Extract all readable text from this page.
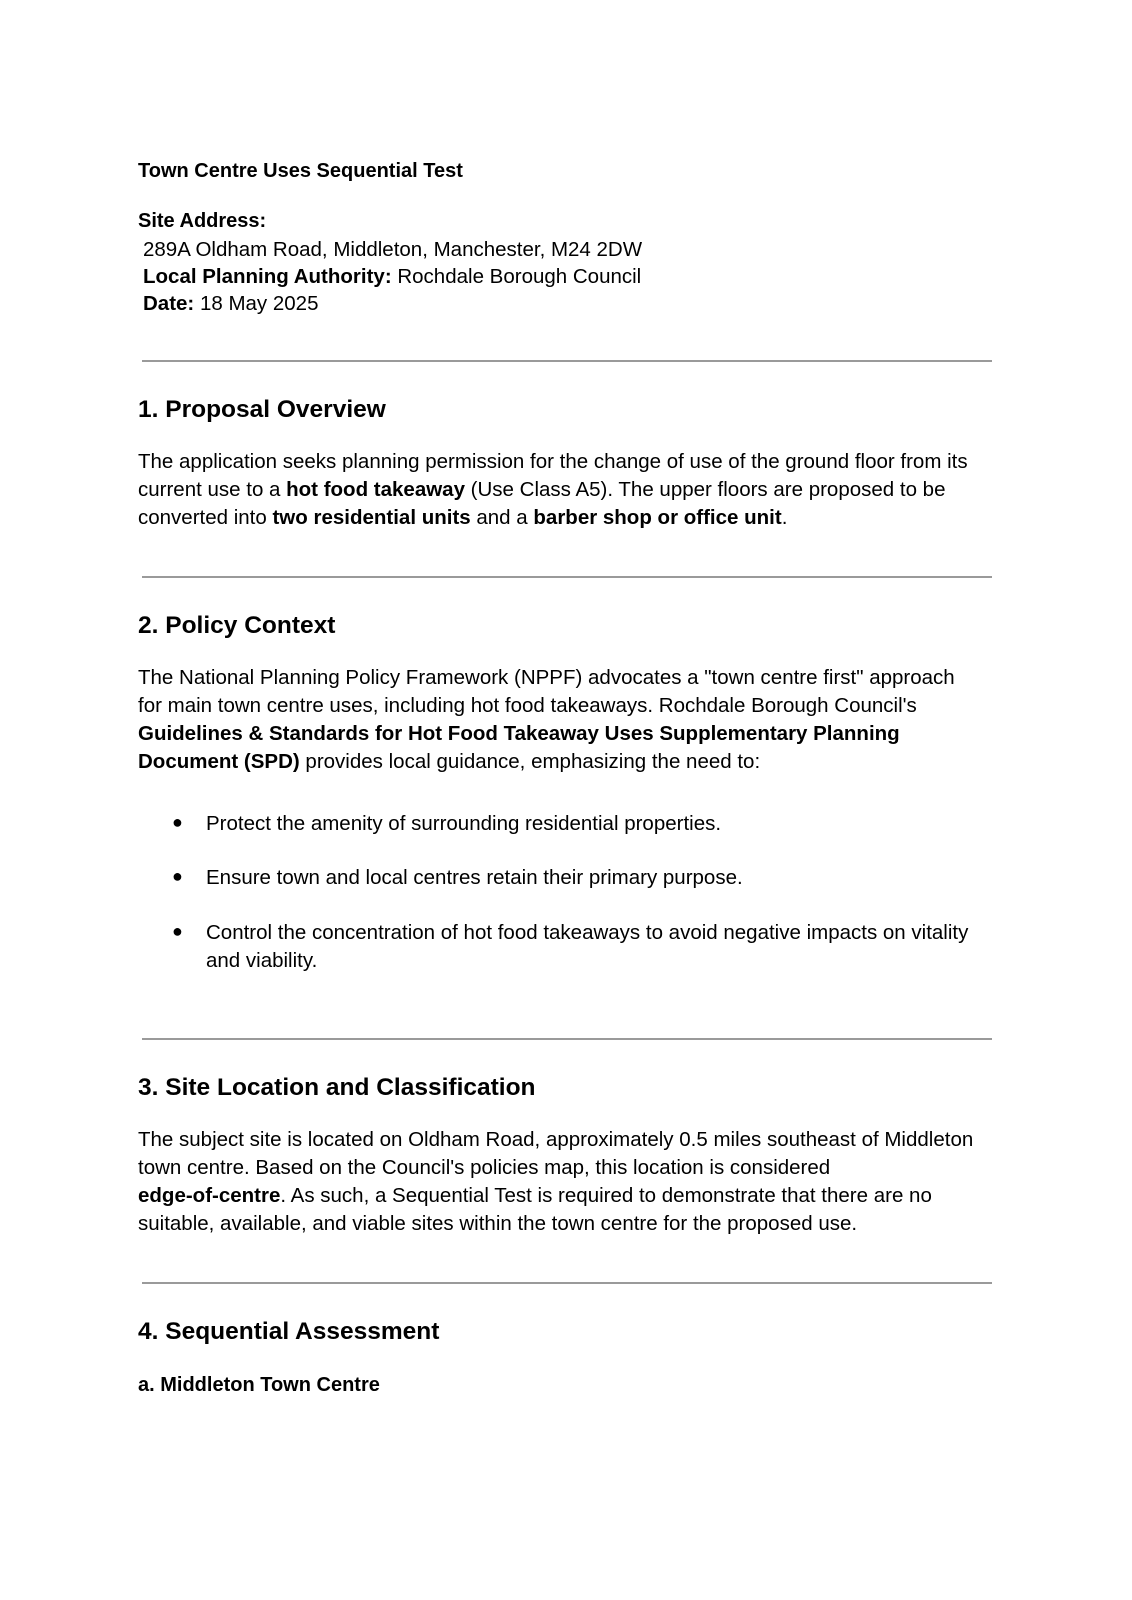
Town Centre Uses Sequential Test
Site Address:
289A Oldham Road, Middleton, Manchester, M24 2DW
Local Planning Authority: Rochdale Borough Council
Date: 18 May 2025
1. Proposal Overview
The application seeks planning permission for the change of use of the ground floor from its
current use to a hot food takeaway (Use Class A5). The upper floors are proposed to be
converted into two residential units and a barber shop or office unit.
2. Policy Context
The National Planning Policy Framework (NPPF) advocates a "town centre first" approach
for main town centre uses, including hot food takeaways. Rochdale Borough Council's
Guidelines & Standards for Hot Food Takeaway Uses Supplementary Planning
Document (SPD) provides local guidance, emphasizing the need to:
● Protect the amenity of surrounding residential properties.
● Ensure town and local centres retain their primary purpose.
● Control the concentration of hot food takeaways to avoid negative impacts on vitality
and viability.
3. Site Location and Classification
The subject site is located on Oldham Road, approximately 0.5 miles southeast of Middleton
town centre. Based on the Council's policies map, this location is considered
edge-of-centre. As such, a Sequential Test is required to demonstrate that there are no
suitable, available, and viable sites within the town centre for the proposed use.
4. Sequential Assessment
a. Middleton Town Centre
